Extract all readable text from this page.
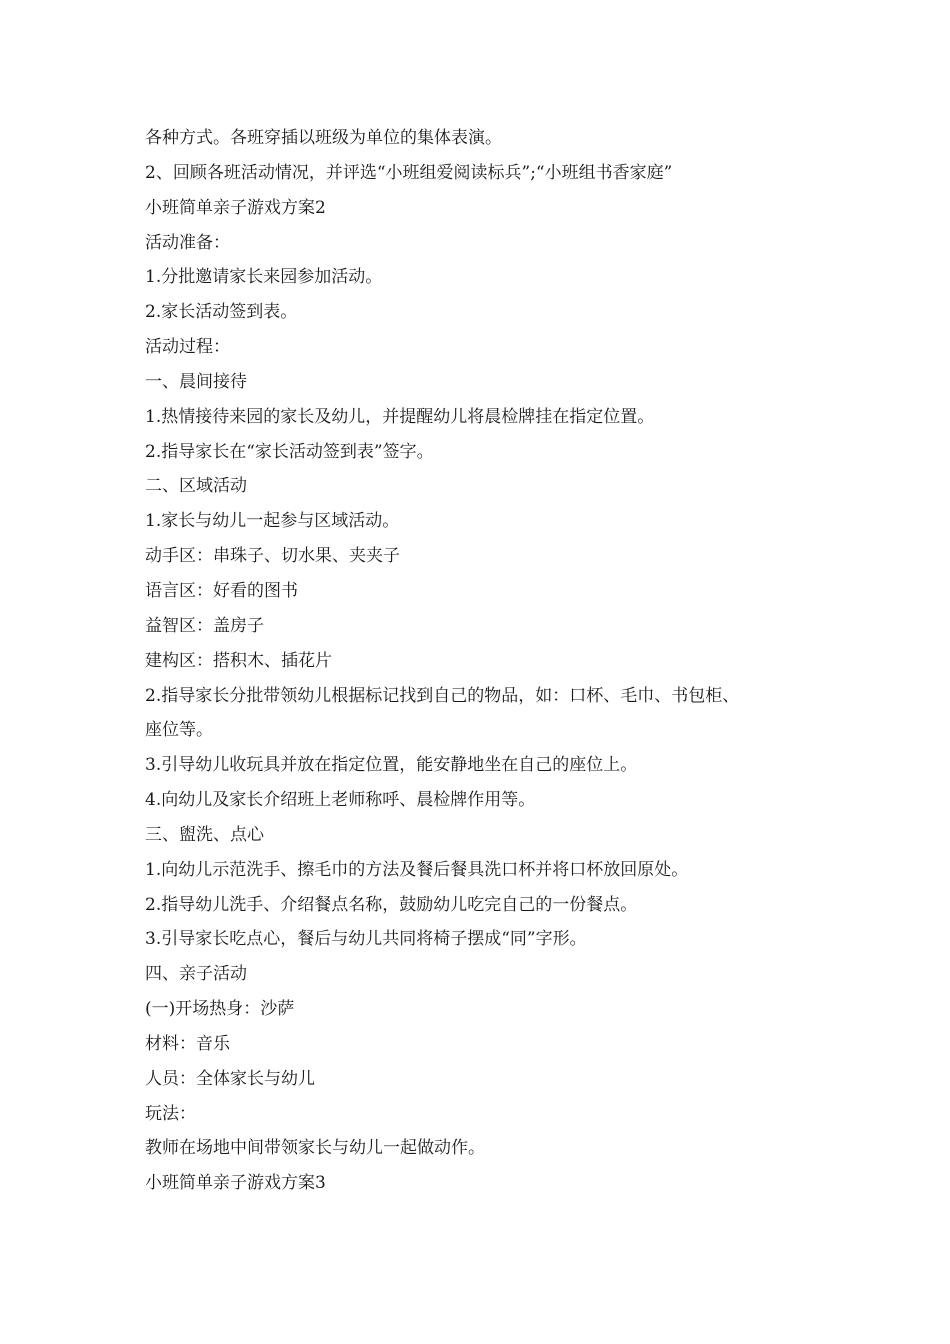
各种方式。各班穿插以班级为单位的集体表演。
2、回顾各班活动情况，并评选“小班组爱阅读标兵”;“小班组书香家庭”
小班简单亲子游戏方案2
活动准备：
1.分批邀请家长来园参加活动。
2.家长活动签到表。
活动过程：
一、晨间接待
1.热情接待来园的家长及幼儿，并提醒幼儿将晨检牌挂在指定位置。
2.指导家长在“家长活动签到表”签字。
二、区域活动
1.家长与幼儿一起参与区域活动。
动手区：串珠子、切水果、夹夹子
语言区：好看的图书
益智区：盖房子
建构区：搭积木、插花片
2.指导家长分批带领幼儿根据标记找到自己的物品，如：口杯、毛巾、书包柜、
座位等。
3.引导幼儿收玩具并放在指定位置，能安静地坐在自己的座位上。
4.向幼儿及家长介绍班上老师称呼、晨检牌作用等。
三、盥洗、点心
1.向幼儿示范洗手、擦毛巾的方法及餐后餐具洗口杯并将口杯放回原处。
2.指导幼儿洗手、介绍餐点名称，鼓励幼儿吃完自己的一份餐点。
3.引导家长吃点心，餐后与幼儿共同将椅子摆成“同”字形。
四、亲子活动
(一)开场热身：沙萨
材料：音乐
人员：全体家长与幼儿
玩法：
教师在场地中间带领家长与幼儿一起做动作。
小班简单亲子游戏方案3
